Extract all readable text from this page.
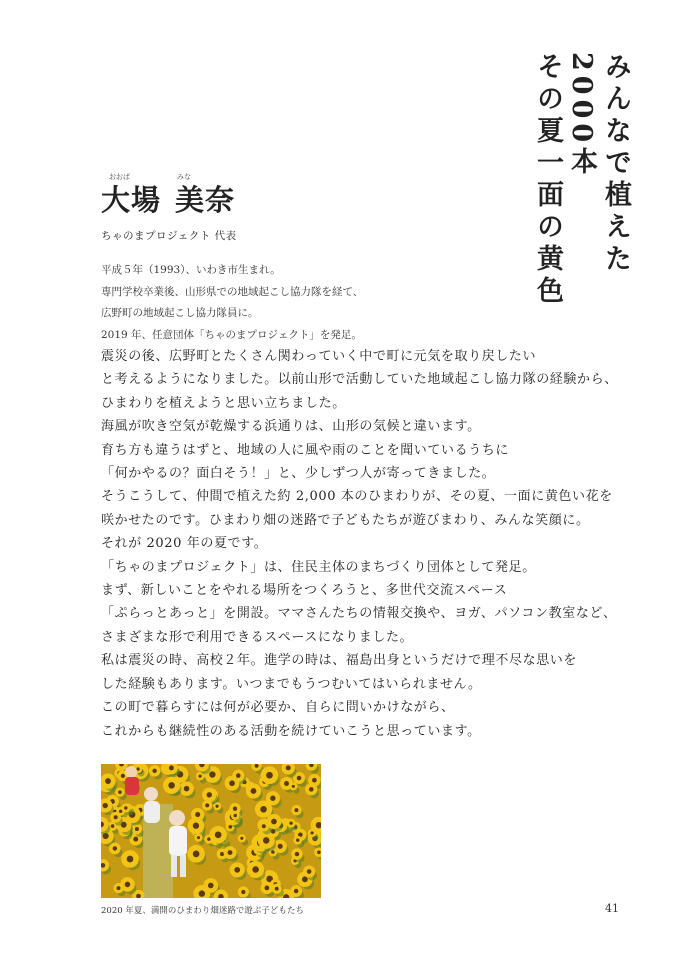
みんなで植えた
2000本
その夏一面の黄色
おおば	みな
大場 美奈
ちゃのまプロジェクト 代表
平成５年（1993）、いわき市生まれ。
専門学校卒業後、山形県での地域起こし協力隊を経て、
広野町の地域起こし協力隊員に。
2019 年、任意団体「ちゃのまプロジェクト」を発足。
震災の後、広野町とたくさん関わっていく中で町に元気を取り戻したい
と考えるようになりました。以前山形で活動していた地域起こし協力隊の経験から、
ひまわりを植えようと思い立ちました。
海風が吹き空気が乾燥する浜通りは、山形の気候と違います。
育ち方も違うはずと、地域の人に風や雨のことを聞いているうちに
「何かやるの？面白そう！」と、少しずつ人が寄ってきました。
そうこうして、仲間で植えた約 2,000 本のひまわりが、その夏、一面に黄色い花を
咲かせたのです。ひまわり畑の迷路で子どもたちが遊びまわり、みんな笑顔に。
それが 2020 年の夏です。
「ちゃのまプロジェクト」は、住民主体のまちづくり団体として発足。
まず、新しいことをやれる場所をつくろうと、多世代交流スペース
「ぷらっとあっと」を開設。ママさんたちの情報交換や、ヨガ、パソコン教室など、
さまざまな形で利用できるスペースになりました。
私は震災の時、高校２年。進学の時は、福島出身というだけで理不尽な思いを
した経験もあります。いつまでもうつむいてはいられません。
この町で暮らすには何が必要か、自らに問いかけながら、
これからも継続性のある活動を続けていこうと思っています。
2020 年夏、満開のひまわり畑迷路で遊ぶ子どもたち	41
